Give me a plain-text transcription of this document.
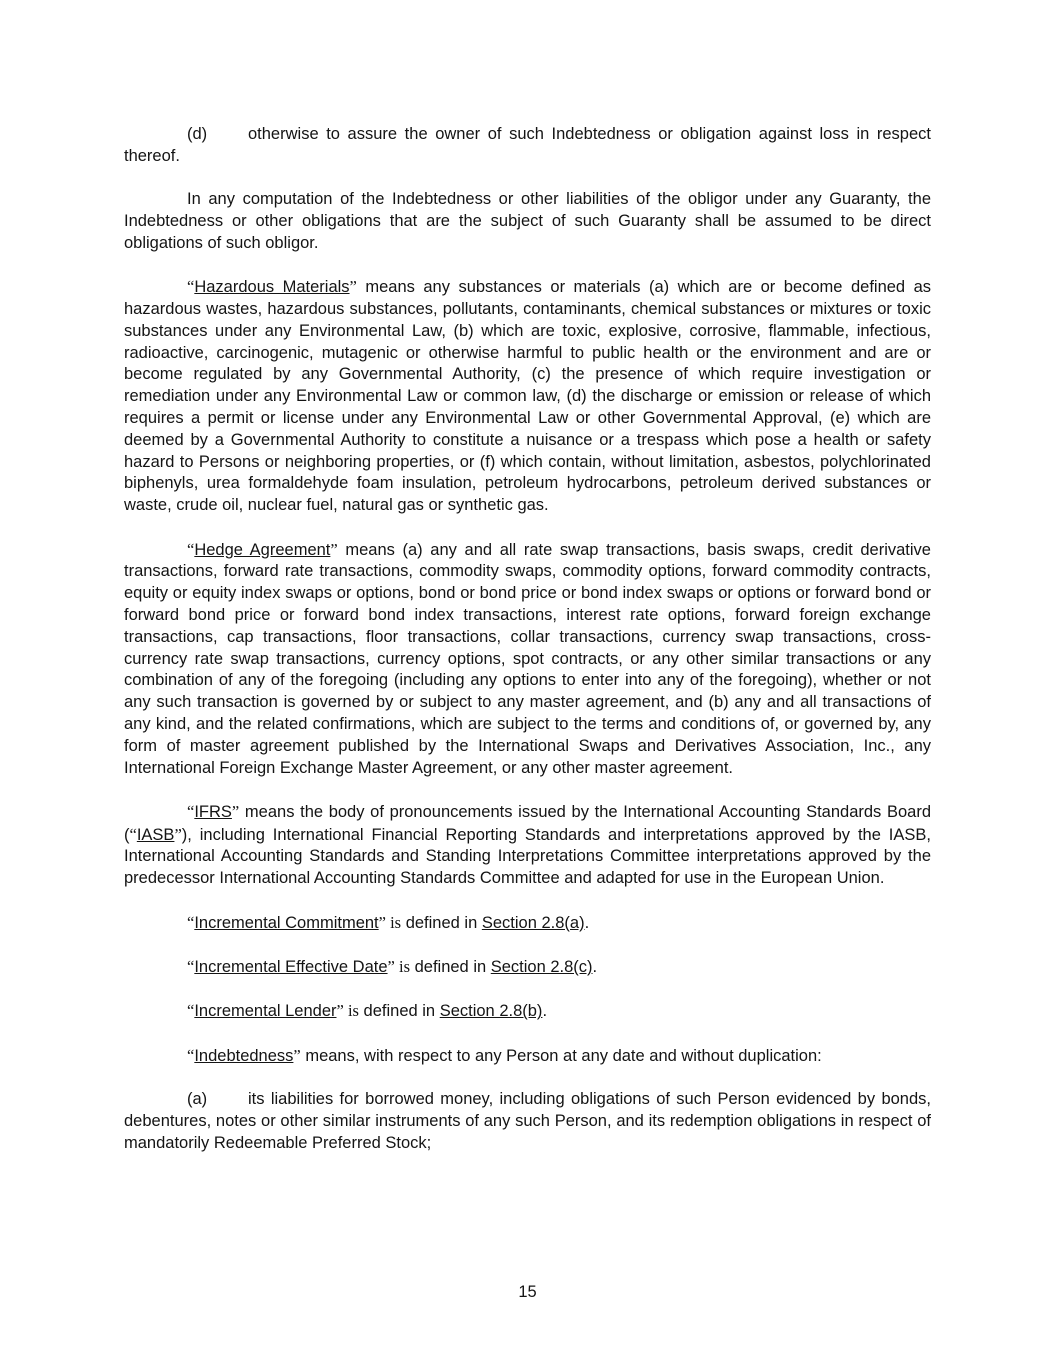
(d) otherwise to assure the owner of such Indebtedness or obligation against loss in respect thereof.

In any computation of the Indebtedness or other liabilities of the obligor under any Guaranty, the Indebtedness or other obligations that are the subject of such Guaranty shall be assumed to be direct obligations of such obligor.

“Hazardous Materials” means any substances or materials (a) which are or become defined as hazardous wastes, hazardous substances, pollutants, contaminants, chemical substances or mixtures or toxic substances under any Environmental Law, (b) which are toxic, explosive, corrosive, flammable, infectious, radioactive, carcinogenic, mutagenic or otherwise harmful to public health or the environment and are or become regulated by any Governmental Authority, (c) the presence of which require investigation or remediation under any Environmental Law or common law, (d) the discharge or emission or release of which requires a permit or license under any Environmental Law or other Governmental Approval, (e) which are deemed by a Governmental Authority to constitute a nuisance or a trespass which pose a health or safety hazard to Persons or neighboring properties, or (f) which contain, without limitation, asbestos, polychlorinated biphenyls, urea formaldehyde foam insulation, petroleum hydrocarbons, petroleum derived substances or waste, crude oil, nuclear fuel, natural gas or synthetic gas.

“Hedge Agreement” means (a) any and all rate swap transactions, basis swaps, credit derivative transactions, forward rate transactions, commodity swaps, commodity options, forward commodity contracts, equity or equity index swaps or options, bond or bond price or bond index swaps or options or forward bond or forward bond price or forward bond index transactions, interest rate options, forward foreign exchange transactions, cap transactions, floor transactions, collar transactions, currency swap transactions, cross-currency rate swap transactions, currency options, spot contracts, or any other similar transactions or any combination of any of the foregoing (including any options to enter into any of the foregoing), whether or not any such transaction is governed by or subject to any master agreement, and (b) any and all transactions of any kind, and the related confirmations, which are subject to the terms and conditions of, or governed by, any form of master agreement published by the International Swaps and Derivatives Association, Inc., any International Foreign Exchange Master Agreement, or any other master agreement.

“IFRS” means the body of pronouncements issued by the International Accounting Standards Board (“IASB”), including International Financial Reporting Standards and interpretations approved by the IASB, International Accounting Standards and Standing Interpretations Committee interpretations approved by the predecessor International Accounting Standards Committee and adapted for use in the European Union.

“Incremental Commitment” is defined in Section 2.8(a).

“Incremental Effective Date” is defined in Section 2.8(c).

“Incremental Lender” is defined in Section 2.8(b).

“Indebtedness” means, with respect to any Person at any date and without duplication:

(a) its liabilities for borrowed money, including obligations of such Person evidenced by bonds, debentures, notes or other similar instruments of any such Person, and its redemption obligations in respect of mandatorily Redeemable Preferred Stock;

15
